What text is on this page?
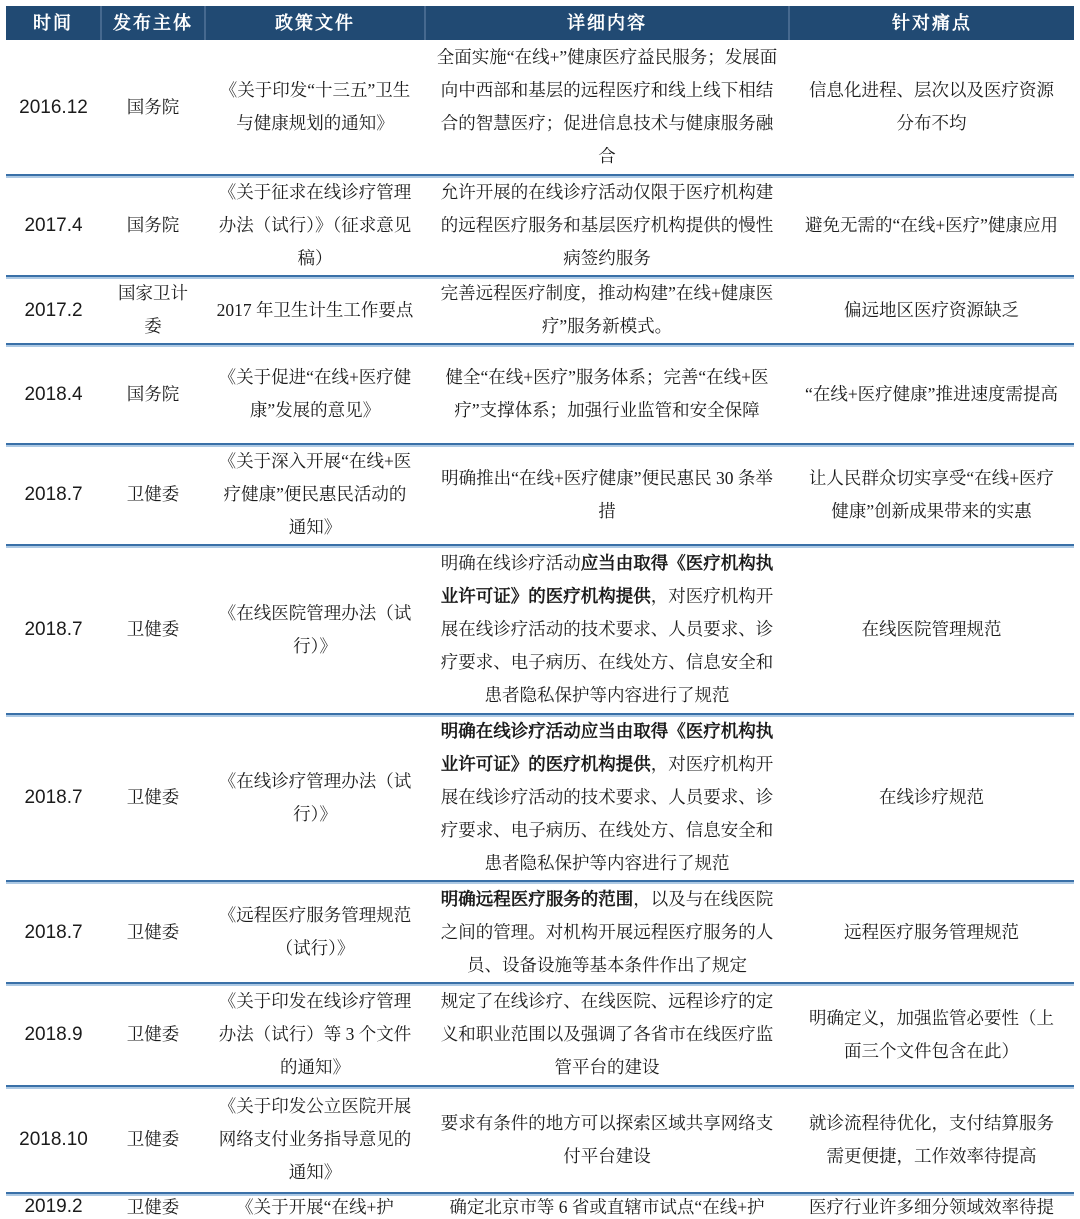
时间	发布主体	政策文件	详细内容	针对痛点
2016.12	国务院	《关于印发“十三五”卫生与健康规划的通知》	全面实施“在线+”健康医疗益民服务；发展面向中西部和基层的远程医疗和线上线下相结合的智慧医疗；促进信息技术与健康服务融合	信息化进程、层次以及医疗资源分布不均
2017.4	国务院	《关于征求在线诊疗管理办法（试行）》（征求意见稿）	允许开展的在线诊疗活动仅限于医疗机构建的远程医疗服务和基层医疗机构提供的慢性病签约服务	避免无需的“在线+医疗”健康应用
2017.2	国家卫计委	2017 年卫生计生工作要点	完善远程医疗制度，推动构建”在线+健康医疗”服务新模式。	偏远地区医疗资源缺乏
2018.4	国务院	《关于促进“在线+医疗健康”发展的意见》	健全“在线+医疗”服务体系；完善“在线+医疗”支撑体系；加强行业监管和安全保障	“在线+医疗健康”推进速度需提高
2018.7	卫健委	《关于深入开展“在线+医疗健康”便民惠民活动的通知》	明确推出“在线+医疗健康”便民惠民 30 条举措	让人民群众切实享受“在线+医疗健康”创新成果带来的实惠
2018.7	卫健委	《在线医院管理办法（试行）》	明确在线诊疗活动应当由取得《医疗机构执业许可证》的医疗机构提供，对医疗机构开展在线诊疗活动的技术要求、人员要求、诊疗要求、电子病历、在线处方、信息安全和患者隐私保护等内容进行了规范	在线医院管理规范
2018.7	卫健委	《在线诊疗管理办法（试行）》	明确在线诊疗活动应当由取得《医疗机构执业许可证》的医疗机构提供，对医疗机构开展在线诊疗活动的技术要求、人员要求、诊疗要求、电子病历、在线处方、信息安全和患者隐私保护等内容进行了规范	在线诊疗规范
2018.7	卫健委	《远程医疗服务管理规范（试行）》	明确远程医疗服务的范围，以及与在线医院之间的管理。对机构开展远程医疗服务的人员、设备设施等基本条件作出了规定	远程医疗服务管理规范
2018.9	卫健委	《关于印发在线诊疗管理办法（试行）等 3 个文件的通知》	规定了在线诊疗、在线医院、远程诊疗的定义和职业范围以及强调了各省市在线医疗监管平台的建设	明确定义，加强监管必要性（上面三个文件包含在此）
2018.10	卫健委	《关于印发公立医院开展网络支付业务指导意见的通知》	要求有条件的地方可以探索区域共享网络支付平台建设	就诊流程待优化，支付结算服务需更便捷，工作效率待提高
2019.2	卫健委	《关于开展“在线+护	确定北京市等 6 省或直辖市试点“在线+护	医疗行业许多细分领域效率待提
